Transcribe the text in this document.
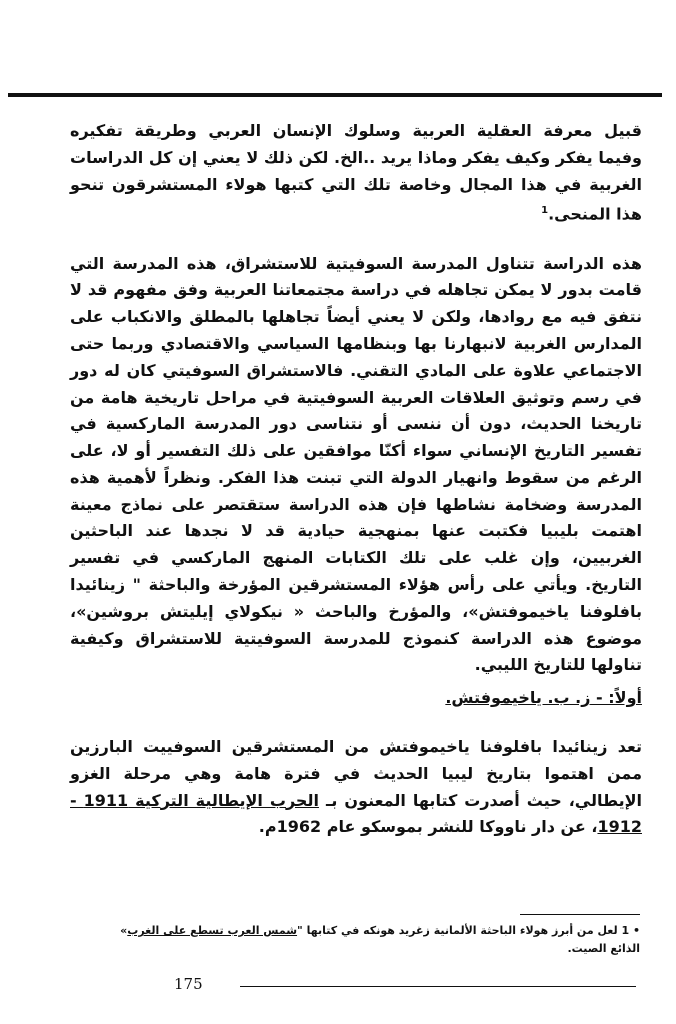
قبيل معرفة العقلية العربية وسلوك الإنسان العربي وطريقة تفكيره وفيما يفكر وكيف يفكر وماذا يريد ..الخ. لكن ذلك لا يعني إن كل الدراسات الغربية في هذا المجال وخاصة تلك التي كتبها هولاء المستشرقون تنحو هذا المنحى.$^1$

هذه الدراسة تتناول المدرسة السوفيتية للاستشراق، هذه المدرسة التي قامت بدور لا يمكن تجاهله في دراسة مجتمعاتنا العربية وفق مفهوم قد لا نتفق فيه مع روادها، ولكن لا يعني أيضاً تجاهلها بالمطلق والانكباب على المدارس الغربية لانبهارنا بها وبنظامها السياسي والاقتصادي وربما حتى الاجتماعي علاوة على المادي التقني. فالاستشراق السوفيتي كان له دور في رسم وتوثيق العلاقات العربية السوفيتية في مراحل تاريخية هامة من تاريخنا الحديث، دون أن ننسى أو نتناسى دور المدرسة الماركسية في تفسير التاريخ الإنساني سواء أكنّا موافقين على ذلك التفسير أو لا، على الرغم من سقوط وانهيار الدولة التي تبنت هذا الفكر. ونظراً لأهمية هذه المدرسة وضخامة نشاطها فإن هذه الدراسة ستقتصر على نماذج معينة اهتمت بليبيا فكتبت عنها بمنهجية حيادية قد لا نجدها عند الباحثين الغربيين، وإن غلب على تلك الكتابات المنهج الماركسي في تفسير التاريخ. ويأتي على رأس هؤلاء المستشرقين المؤرخة والباحثة " زينائيدا بافلوفنا ياخيموفتش»، والمؤرخ والباحث « نيكولاي إيليتش بروشين»، موضوع هذه الدراسة كنموذج للمدرسة السوفيتية للاستشراق وكيفية تناولها للتاريخ الليبي.

أولاً: - ز. ب. ياخيموفتش.

تعد زينائيدا بافلوفنا ياخيموفتش من المستشرقين السوفييت البارزين ممن اهتموا بتاريخ ليبيا الحديث في فترة هامة وهي مرحلة الغزو الإيطالي، حيث أصدرت كتابها المعنون بـ الحرب الإيطالية التركية 1911 - 1912، عن دار ناووكا للنشر بموسكو عام 1962م.

• 1 لعل من أبرز هولاء الباحثة الألمانية زغريد هونكه في كتابها "شمس العرب تسطع على الغرب» الذائع الصيت.
175
